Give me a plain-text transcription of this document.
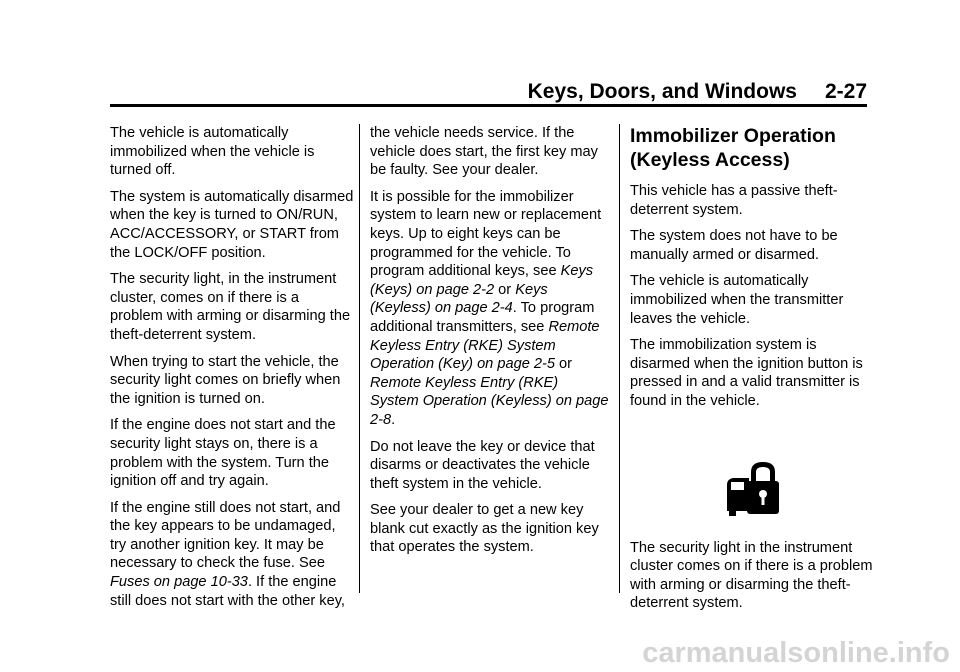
Keys, Doors, and Windows 2-27

The vehicle is automatically immobilized when the vehicle is turned off.

The system is automatically disarmed when the key is turned to ON/RUN, ACC/ACCESSORY, or START from the LOCK/OFF position.

The security light, in the instrument cluster, comes on if there is a problem with arming or disarming the theft-deterrent system.

When trying to start the vehicle, the security light comes on briefly when the ignition is turned on.

If the engine does not start and the security light stays on, there is a problem with the system. Turn the ignition off and try again.

If the engine still does not start, and the key appears to be undamaged, try another ignition key. It may be necessary to check the fuse. See Fuses on page 10-33. If the engine still does not start with the other key,

the vehicle needs service. If the vehicle does start, the first key may be faulty. See your dealer.

It is possible for the immobilizer system to learn new or replacement keys. Up to eight keys can be programmed for the vehicle. To program additional keys, see Keys (Keys) on page 2-2 or Keys (Keyless) on page 2-4. To program additional transmitters, see Remote Keyless Entry (RKE) System Operation (Key) on page 2-5 or Remote Keyless Entry (RKE) System Operation (Keyless) on page 2-8.

Do not leave the key or device that disarms or deactivates the vehicle theft system in the vehicle.

See your dealer to get a new key blank cut exactly as the ignition key that operates the system.

Immobilizer Operation (Keyless Access)

This vehicle has a passive theft-deterrent system.

The system does not have to be manually armed or disarmed.

The vehicle is automatically immobilized when the transmitter leaves the vehicle.

The immobilization system is disarmed when the ignition button is pressed in and a valid transmitter is found in the vehicle.

The security light in the instrument cluster comes on if there is a problem with arming or disarming the theft-deterrent system.

carmanualsonline.info
